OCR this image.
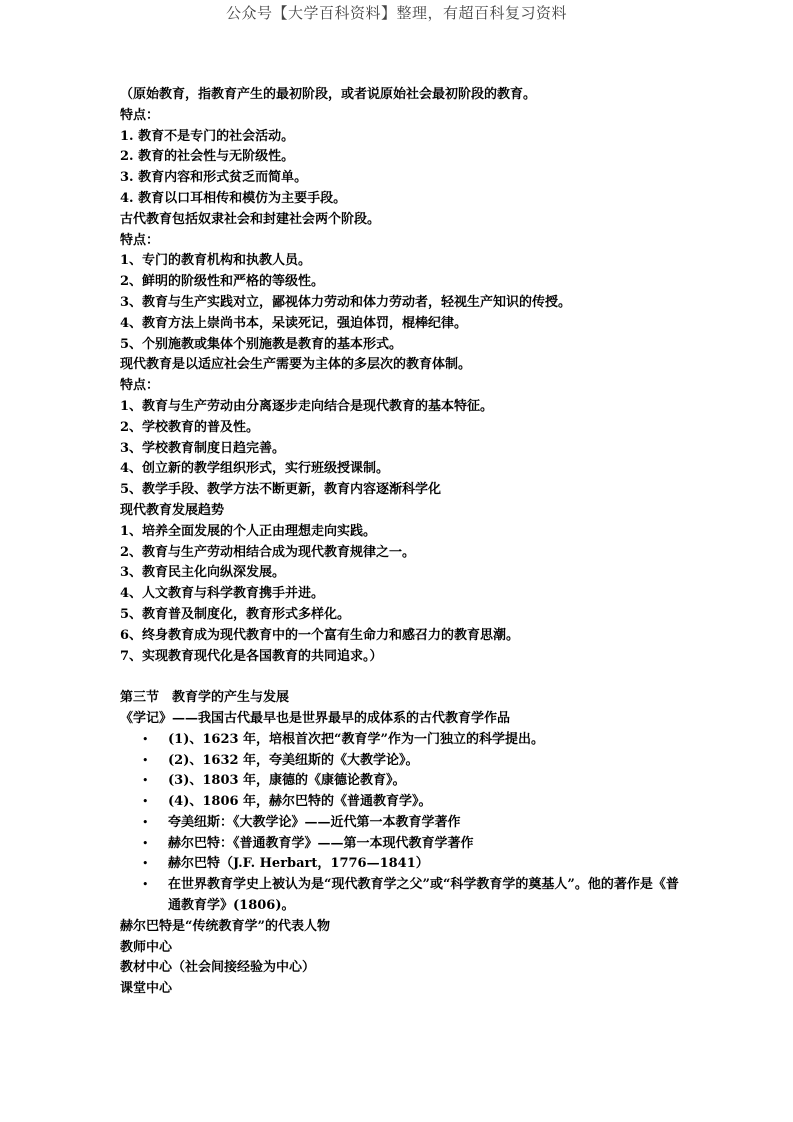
公众号【大学百科资料】整理，有超百科复习资料
（原始教育，指教育产生的最初阶段，或者说原始社会最初阶段的教育。
特点：
1. 教育不是专门的社会活动。
2. 教育的社会性与无阶级性。
3. 教育内容和形式贫乏而简单。
4. 教育以口耳相传和模仿为主要手段。
古代教育包括奴隶社会和封建社会两个阶段。
特点：
1、专门的教育机构和执教人员。
2、鲜明的阶级性和严格的等级性。
3、教育与生产实践对立，鄙视体力劳动和体力劳动者，轻视生产知识的传授。
4、教育方法上崇尚书本，呆读死记，强迫体罚，棍棒纪律。
5、个别施教或集体个别施教是教育的基本形式。
现代教育是以适应社会生产需要为主体的多层次的教育体制。
特点：
1、教育与生产劳动由分离逐步走向结合是现代教育的基本特征。
2、学校教育的普及性。
3、学校教育制度日趋完善。
4、创立新的教学组织形式，实行班级授课制。
5、教学手段、教学方法不断更新，教育内容逐渐科学化
现代教育发展趋势
1、培养全面发展的个人正由理想走向实践。
2、教育与生产劳动相结合成为现代教育规律之一。
3、教育民主化向纵深发展。
4、人文教育与科学教育携手并进。
5、教育普及制度化，教育形式多样化。
6、终身教育成为现代教育中的一个富有生命力和感召力的教育思潮。
7、实现教育现代化是各国教育的共同追求。）
第三节　教育学的产生与发展
《学记》——我国古代最早也是世界最早的成体系的古代教育学作品
• (1)、1623 年，培根首次把“教育学”作为一门独立的科学提出。
• (2)、1632 年，夸美纽斯的《大教学论》。
• (3)、1803 年，康德的《康德论教育》。
• (4)、1806 年，赫尔巴特的《普通教育学》。
• 夸美纽斯：《大教学论》——近代第一本教育学著作
• 赫尔巴特：《普通教育学》——第一本现代教育学著作
• 赫尔巴特（J.F. Herbart，1776—1841）
• 在世界教育学史上被认为是“现代教育学之父”或“科学教育学的奠基人”。他的著作是《普通教育学》(1806)。
赫尔巴特是“传统教育学”的代表人物
教师中心
教材中心（社会间接经验为中心）
课堂中心
